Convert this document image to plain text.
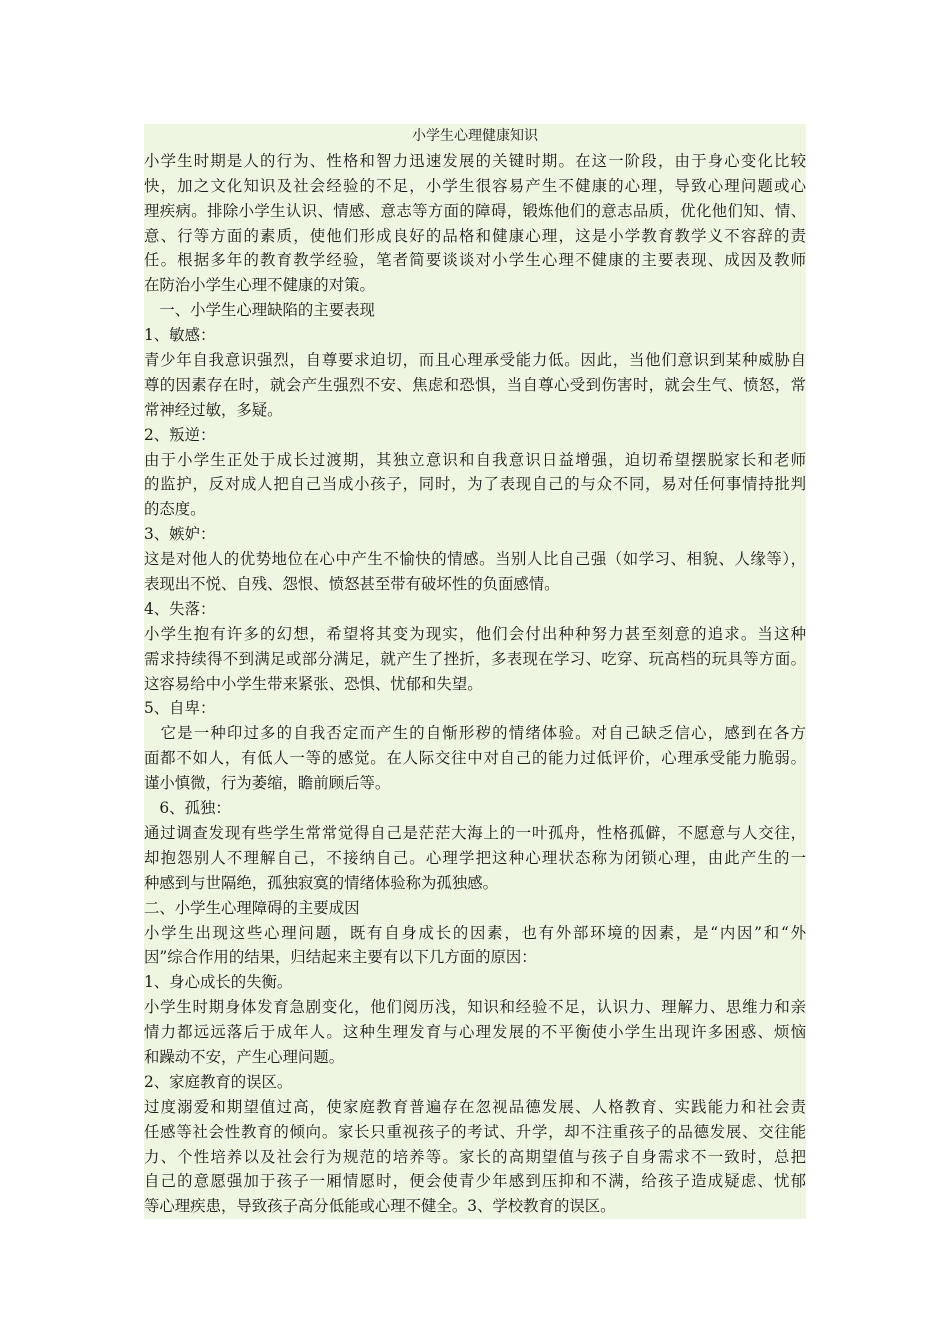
小学生心理健康知识
小学生时期是人的行为、性格和智力迅速发展的关键时期。在这一阶段，由于身心变化比较
快，加之文化知识及社会经验的不足，小学生很容易产生不健康的心理，导致心理问题或心
理疾病。排除小学生认识、情感、意志等方面的障碍，锻炼他们的意志品质，优化他们知、情、
意、行等方面的素质，使他们形成良好的品格和健康心理，这是小学教育教学义不容辞的责
任。根据多年的教育教学经验，笔者简要谈谈对小学生心理不健康的主要表现、成因及教师
在防治小学生心理不健康的对策。
　一、小学生心理缺陷的主要表现
1、敏感：
青少年自我意识强烈，自尊要求迫切，而且心理承受能力低。因此，当他们意识到某种威胁自
尊的因素存在时，就会产生强烈不安、焦虑和恐惧，当自尊心受到伤害时，就会生气、愤怒，常
常神经过敏，多疑。
2、叛逆：
由于小学生正处于成长过渡期，其独立意识和自我意识日益增强，迫切希望摆脱家长和老师
的监护，反对成人把自己当成小孩子，同时，为了表现自己的与众不同，易对任何事情持批判
的态度。
3、嫉妒：
这是对他人的优势地位在心中产生不愉快的情感。当别人比自己强（如学习、相貌、人缘等），
表现出不悦、自残、怨恨、愤怒甚至带有破坏性的负面感情。
4、失落：
小学生抱有许多的幻想，希望将其变为现实，他们会付出种种努力甚至刻意的追求。当这种
需求持续得不到满足或部分满足，就产生了挫折，多表现在学习、吃穿、玩高档的玩具等方面。
这容易给中小学生带来紧张、恐惧、忧郁和失望。
5、自卑：
　它是一种印过多的自我否定而产生的自惭形秽的情绪体验。对自己缺乏信心，感到在各方
面都不如人，有低人一等的感觉。在人际交往中对自己的能力过低评价，心理承受能力脆弱。
谨小慎微，行为萎缩，瞻前顾后等。
　6、孤独：
通过调查发现有些学生常常觉得自己是茫茫大海上的一叶孤舟，性格孤僻，不愿意与人交往，
却抱怨别人不理解自己，不接纳自己。心理学把这种心理状态称为闭锁心理，由此产生的一
种感到与世隔绝，孤独寂寞的情绪体验称为孤独感。
二、小学生心理障碍的主要成因
小学生出现这些心理问题，既有自身成长的因素，也有外部环境的因素，是“内因”和“外
因”综合作用的结果，归结起来主要有以下几方面的原因：
1、身心成长的失衡。
小学生时期身体发育急剧变化，他们阅历浅，知识和经验不足，认识力、理解力、思维力和亲
情力都远远落后于成年人。这种生理发育与心理发展的不平衡使小学生出现许多困惑、烦恼
和躁动不安，产生心理问题。
2、家庭教育的误区。
过度溺爱和期望值过高，使家庭教育普遍存在忽视品德发展、人格教育、实践能力和社会责
任感等社会性教育的倾向。家长只重视孩子的考试、升学，却不注重孩子的品德发展、交往能
力、个性培养以及社会行为规范的培养等。家长的高期望值与孩子自身需求不一致时，总把
自己的意愿强加于孩子一厢情愿时，便会使青少年感到压抑和不满，给孩子造成疑虑、忧郁
等心理疾患，导致孩子高分低能或心理不健全。3、学校教育的误区。
